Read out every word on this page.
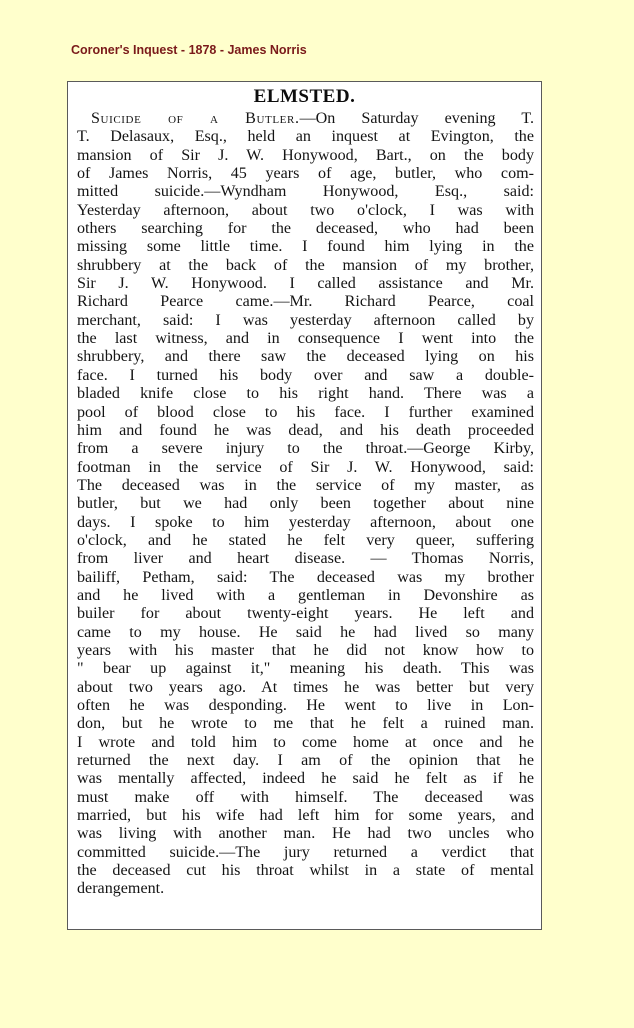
Coroner's Inquest - 1878 - James Norris
ELMSTED.
Suicide of a Butler.—On Saturday evening T.
T. Delasaux, Esq., held an inquest at Evington, the
mansion of Sir J. W. Honywood, Bart., on the body
of James Norris, 45 years of age, butler, who com-
mitted suicide.—Wyndham Honywood, Esq., said:
Yesterday afternoon, about two o'clock, I was with
others searching for the deceased, who had been
missing some little time. I found him lying in the
shrubbery at the back of the mansion of my brother,
Sir J. W. Honywood. I called assistance and Mr.
Richard Pearce came.—Mr. Richard Pearce, coal
merchant, said: I was yesterday afternoon called by
the last witness, and in consequence I went into the
shrubbery, and there saw the deceased lying on his
face. I turned his body over and saw a double-
bladed knife close to his right hand. There was a
pool of blood close to his face. I further examined
him and found he was dead, and his death proceeded
from a severe injury to the throat.—George Kirby,
footman in the service of Sir J. W. Honywood, said:
The deceased was in the service of my master, as
butler, but we had only been together about nine
days. I spoke to him yesterday afternoon, about one
o'clock, and he stated he felt very queer, suffering
from liver and heart disease. — Thomas Norris,
bailiff, Petham, said: The deceased was my brother
and he lived with a gentleman in Devonshire as
builer for about twenty-eight years. He left and
came to my house. He said he had lived so many
years with his master that he did not know how to
" bear up against it," meaning his death. This was
about two years ago. At times he was better but very
often he was desponding. He went to live in Lon-
don, but he wrote to me that he felt a ruined man.
I wrote and told him to come home at once and he
returned the next day. I am of the opinion that he
was mentally affected, indeed he said he felt as if he
must make off with himself. The deceased was
married, but his wife had left him for some years, and
was living with another man. He had two uncles who
committed suicide.—The jury returned a verdict that
the deceased cut his throat whilst in a state of mental
derangement.
